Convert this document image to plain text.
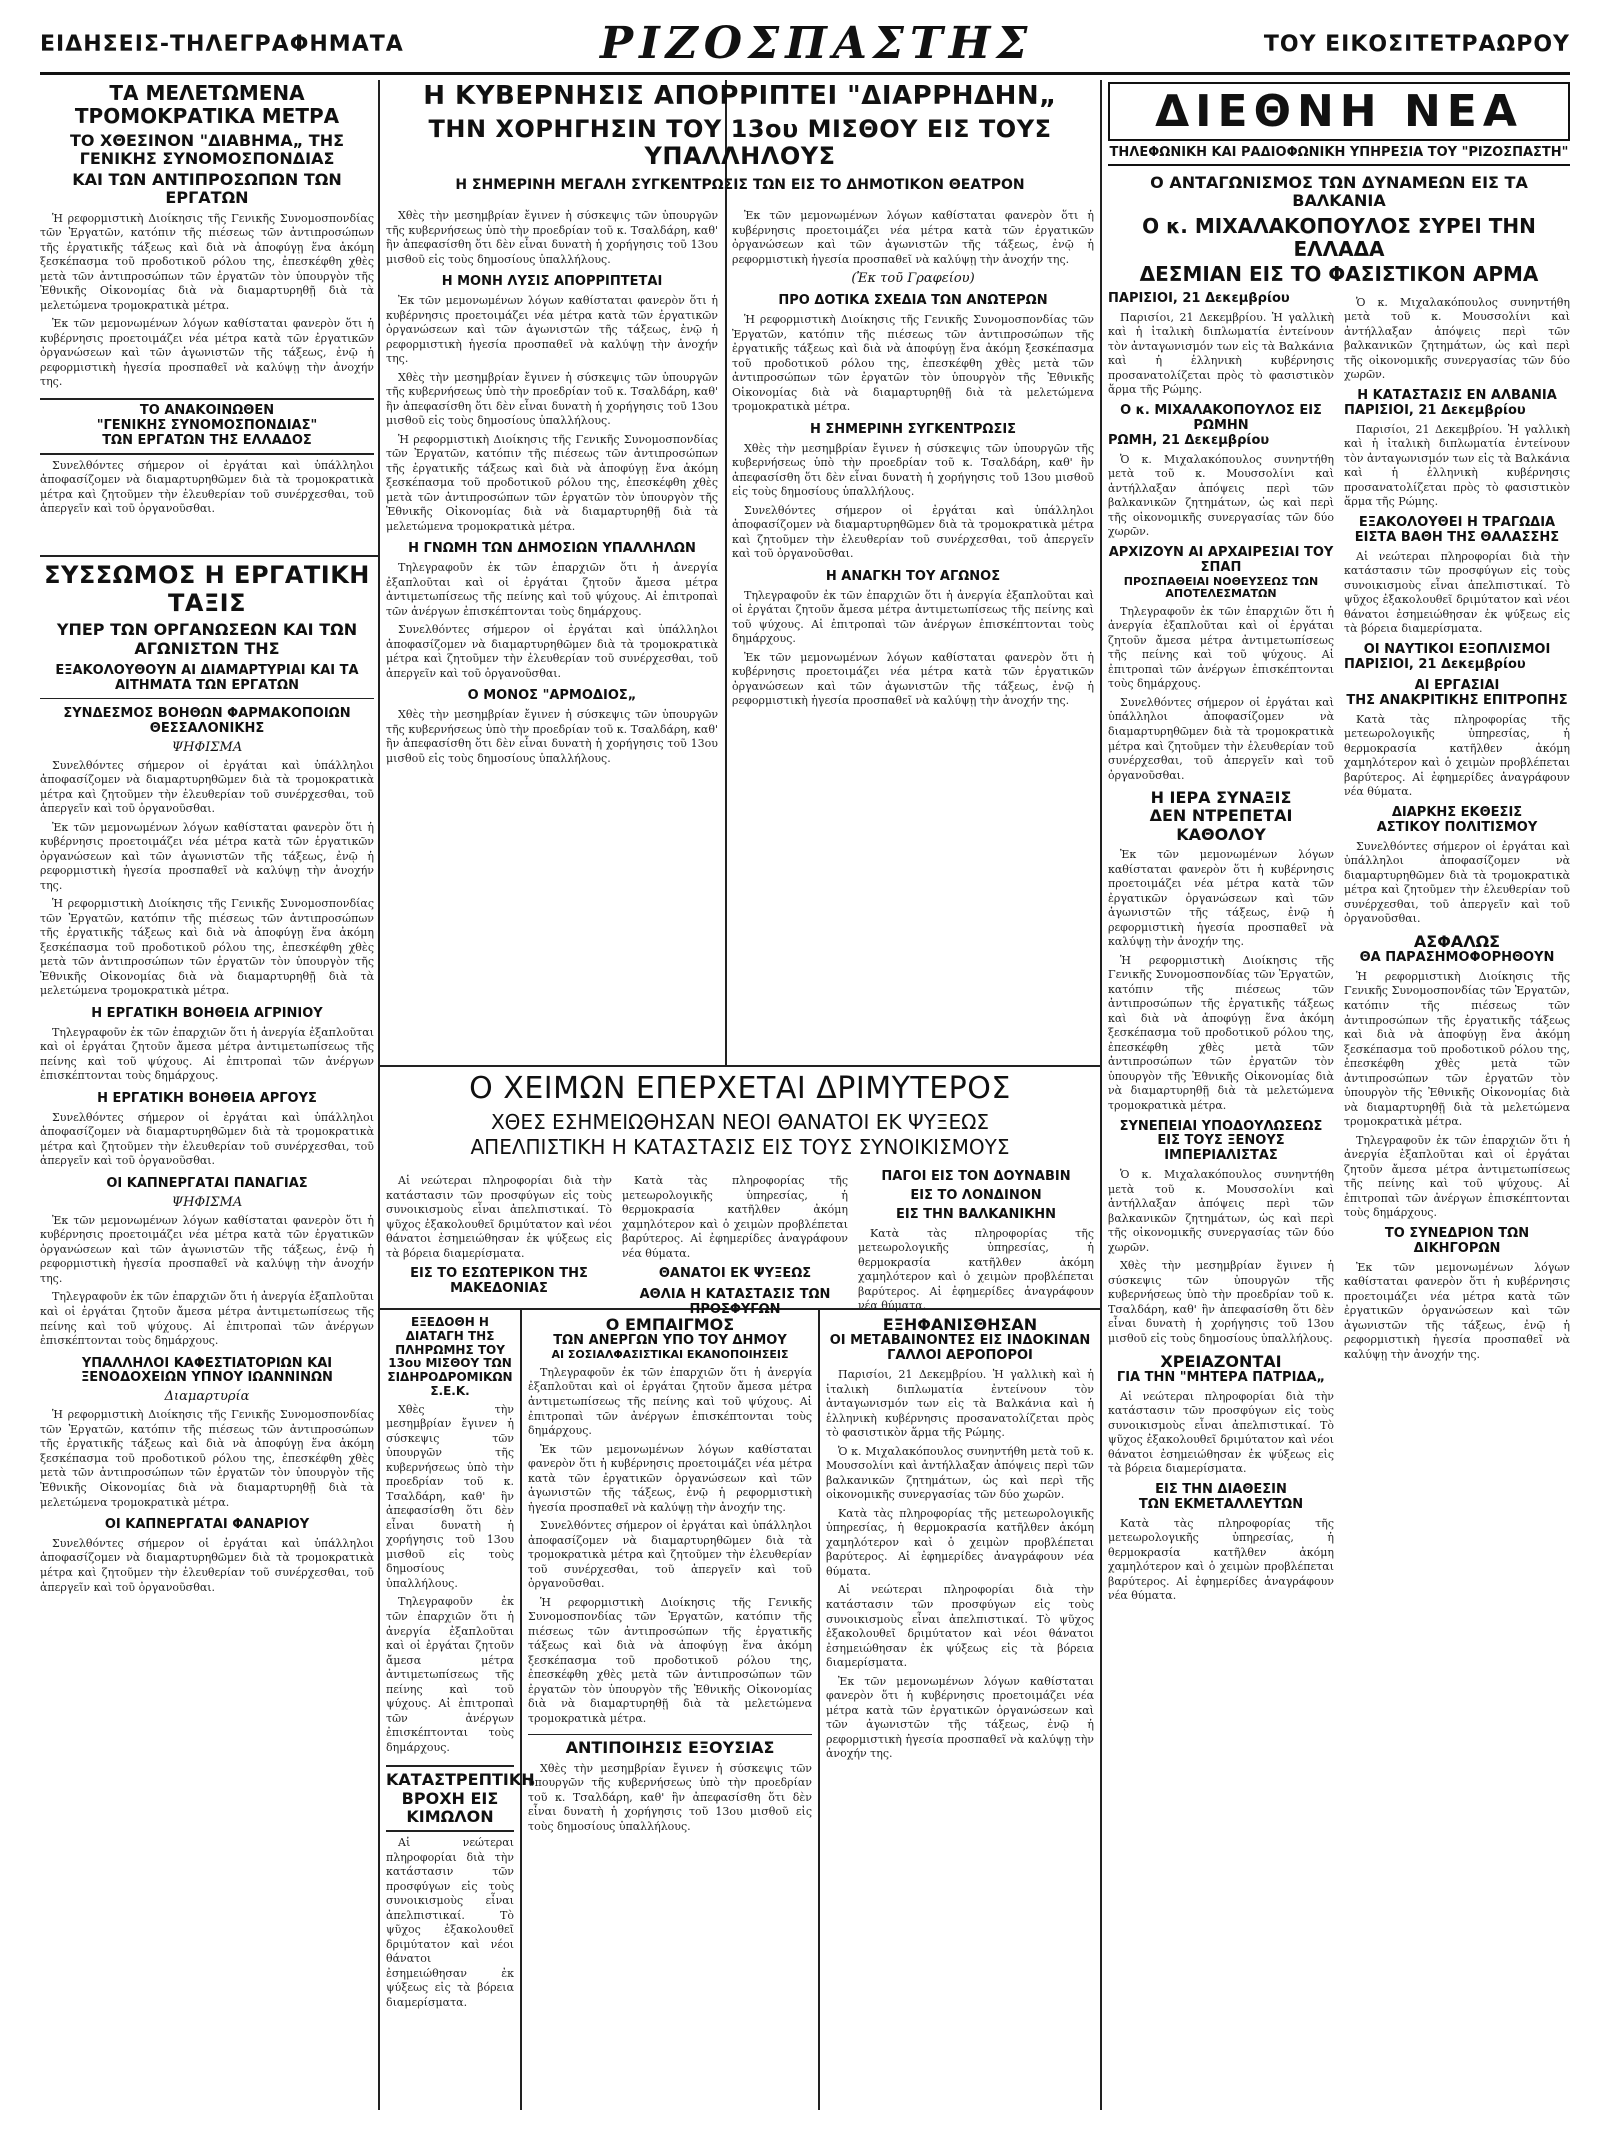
ΕΙΔΗΣΕΙΣ-ΤΗΛΕΓΡΑΦΗΜΑΤΑ	ΡΙΖΟΣΠΑΣΤΗΣ	ΤΟΥ ΕΙΚΟΣΙΤΕΤΡΑΩΡΟΥ

ΤΑ ΜΕΛΕΤΩΜΕΝΑ ΤΡΟΜΟΚΡΑΤΙΚΑ ΜΕΤΡΑ

ΤΟ ΧΘΕΣΙΝΟΝ "ΔΙΑΒΗΜΑ„ ΤΗΣ ΓΕΝΙΚΗΣ ΣΥΝΟΜΟΣΠΟΝΔΙΑΣ

ΚΑΙ ΤΩΝ ΑΝΤΙΠΡΟΣΩΠΩΝ ΤΩΝ ΕΡΓΑΤΩΝ

Ἡ ρεφορμιστικὴ Διοίκησις τῆς Γενικῆς Συνομοσπονδίας τῶν Ἐργατῶν, κατόπιν τῆς πιέσεως τῶν ἀντιπροσώπων τῆς ἐργατικῆς τάξεως καὶ διὰ νὰ ἀποφύγῃ ἕνα ἀκόμη ξεσκέπασμα τοῦ προδοτικοῦ ρόλου της, ἐπεσκέφθη χθὲς μετὰ τῶν ἀντιπροσώπων τῶν ἐργατῶν τὸν ὑπουργὸν τῆς Ἐθνικῆς Οἰκονομίας διὰ νὰ διαμαρτυρηθῇ διὰ τὰ μελετώμενα τρομοκρατικὰ μέτρα.

Ἐκ τῶν μεμονωμένων λόγων καθίσταται φανερὸν ὅτι ἡ κυβέρνησις προετοιμάζει νέα μέτρα κατὰ τῶν ἐργατικῶν ὀργανώσεων καὶ τῶν ἀγωνιστῶν τῆς τάξεως, ἐνῷ ἡ ρεφορμιστικὴ ἡγεσία προσπαθεῖ νὰ καλύψῃ τὴν ἀνοχήν της.

ΤΟ ΑΝΑΚΟΙΝΩΘΕΝ

"ΓΕΝΙΚΗΣ ΣΥΝΟΜΟΣΠΟΝΔΙΑΣ"

ΤΩΝ ΕΡΓΑΤΩΝ ΤΗΣ ΕΛΛΑΔΟΣ

Συνελθόντες σήμερον οἱ ἐργάται καὶ ὑπάλληλοι ἀποφασίζομεν νὰ διαμαρτυρηθῶμεν διὰ τὰ τρομοκρατικὰ μέτρα καὶ ζητοῦμεν τὴν ἐλευθερίαν τοῦ συνέρχεσθαι, τοῦ ἀπεργεῖν καὶ τοῦ ὀργανοῦσθαι.

ΣΥΣΣΩΜΟΣ Η ΕΡΓΑΤΙΚΗ ΤΑΞΙΣ

ΥΠΕΡ ΤΩΝ ΟΡΓΑΝΩΣΕΩΝ ΚΑΙ ΤΩΝ ΑΓΩΝΙΣΤΩΝ ΤΗΣ

ΕΞΑΚΟΛΟΥΘΟΥΝ ΑΙ ΔΙΑΜΑΡΤΥΡΙΑΙ ΚΑΙ ΤΑ ΑΙΤΗΜΑΤΑ ΤΩΝ ΕΡΓΑΤΩΝ

ΣΥΝΔΕΣΜΟΣ ΒΟΗΘΩΝ ΦΑΡΜΑΚΟΠΟΙΩΝ ΘΕΣΣΑΛΟΝΙΚΗΣ

ΨΗΦΙΣΜΑ

Συνελθόντες σήμερον οἱ ἐργάται καὶ ὑπάλληλοι ἀποφασίζομεν νὰ διαμαρτυρηθῶμεν διὰ τὰ τρομοκρατικὰ μέτρα καὶ ζητοῦμεν τὴν ἐλευθερίαν τοῦ συνέρχεσθαι, τοῦ ἀπεργεῖν καὶ τοῦ ὀργανοῦσθαι.

Ἐκ τῶν μεμονωμένων λόγων καθίσταται φανερὸν ὅτι ἡ κυβέρνησις προετοιμάζει νέα μέτρα κατὰ τῶν ἐργατικῶν ὀργανώσεων καὶ τῶν ἀγωνιστῶν τῆς τάξεως, ἐνῷ ἡ ρεφορμιστικὴ ἡγεσία προσπαθεῖ νὰ καλύψῃ τὴν ἀνοχήν της.

Ἡ ρεφορμιστικὴ Διοίκησις τῆς Γενικῆς Συνομοσπονδίας τῶν Ἐργατῶν, κατόπιν τῆς πιέσεως τῶν ἀντιπροσώπων τῆς ἐργατικῆς τάξεως καὶ διὰ νὰ ἀποφύγῃ ἕνα ἀκόμη ξεσκέπασμα τοῦ προδοτικοῦ ρόλου της, ἐπεσκέφθη χθὲς μετὰ τῶν ἀντιπροσώπων τῶν ἐργατῶν τὸν ὑπουργὸν τῆς Ἐθνικῆς Οἰκονομίας διὰ νὰ διαμαρτυρηθῇ διὰ τὰ μελετώμενα τρομοκρατικὰ μέτρα.

Η ΕΡΓΑΤΙΚΗ ΒΟΗΘΕΙΑ ΑΓΡΙΝΙΟΥ

Τηλεγραφοῦν ἐκ τῶν ἐπαρχιῶν ὅτι ἡ ἀνεργία ἐξαπλοῦται καὶ οἱ ἐργάται ζητοῦν ἄμεσα μέτρα ἀντιμετωπίσεως τῆς πείνης καὶ τοῦ ψύχους. Αἱ ἐπιτροπαὶ τῶν ἀνέργων ἐπισκέπτονται τοὺς δημάρχους.

Η ΕΡΓΑΤΙΚΗ ΒΟΗΘΕΙΑ ΑΡΓΟΥΣ

Συνελθόντες σήμερον οἱ ἐργάται καὶ ὑπάλληλοι ἀποφασίζομεν νὰ διαμαρτυρηθῶμεν διὰ τὰ τρομοκρατικὰ μέτρα καὶ ζητοῦμεν τὴν ἐλευθερίαν τοῦ συνέρχεσθαι, τοῦ ἀπεργεῖν καὶ τοῦ ὀργανοῦσθαι.

ΟΙ ΚΑΠΝΕΡΓΑΤΑΙ ΠΑΝΑΓΙΑΣ

ΨΗΦΙΣΜΑ

Ἐκ τῶν μεμονωμένων λόγων καθίσταται φανερὸν ὅτι ἡ κυβέρνησις προετοιμάζει νέα μέτρα κατὰ τῶν ἐργατικῶν ὀργανώσεων καὶ τῶν ἀγωνιστῶν τῆς τάξεως, ἐνῷ ἡ ρεφορμιστικὴ ἡγεσία προσπαθεῖ νὰ καλύψῃ τὴν ἀνοχήν της.

Τηλεγραφοῦν ἐκ τῶν ἐπαρχιῶν ὅτι ἡ ἀνεργία ἐξαπλοῦται καὶ οἱ ἐργάται ζητοῦν ἄμεσα μέτρα ἀντιμετωπίσεως τῆς πείνης καὶ τοῦ ψύχους. Αἱ ἐπιτροπαὶ τῶν ἀνέργων ἐπισκέπτονται τοὺς δημάρχους.

ΥΠΑΛΛΗΛΟΙ ΚΑΦΕΣΤΙΑΤΟΡΙΩΝ ΚΑΙ ΞΕΝΟΔΟΧΕΙΩΝ ΥΠΝΟΥ ΙΩΑΝΝΙΝΩΝ

Διαμαρτυρία

Ἡ ρεφορμιστικὴ Διοίκησις τῆς Γενικῆς Συνομοσπονδίας τῶν Ἐργατῶν, κατόπιν τῆς πιέσεως τῶν ἀντιπροσώπων τῆς ἐργατικῆς τάξεως καὶ διὰ νὰ ἀποφύγῃ ἕνα ἀκόμη ξεσκέπασμα τοῦ προδοτικοῦ ρόλου της, ἐπεσκέφθη χθὲς μετὰ τῶν ἀντιπροσώπων τῶν ἐργατῶν τὸν ὑπουργὸν τῆς Ἐθνικῆς Οἰκονομίας διὰ νὰ διαμαρτυρηθῇ διὰ τὰ μελετώμενα τρομοκρατικὰ μέτρα.

ΟΙ ΚΑΠΝΕΡΓΑΤΑΙ ΦΑΝΑΡΙΟΥ

Συνελθόντες σήμερον οἱ ἐργάται καὶ ὑπάλληλοι ἀποφασίζομεν νὰ διαμαρτυρηθῶμεν διὰ τὰ τρομοκρατικὰ μέτρα καὶ ζητοῦμεν τὴν ἐλευθερίαν τοῦ συνέρχεσθαι, τοῦ ἀπεργεῖν καὶ τοῦ ὀργανοῦσθαι.

Η ΚΥΒΕΡΝΗΣΙΣ ΑΠΟΡΡΙΠΤΕΙ "ΔΙΑΡΡΗΔΗΝ„

ΤΗΝ ΧΟΡΗΓΗΣΙΝ ΤΟΥ 13ου ΜΙΣΘΟΥ ΕΙΣ ΤΟΥΣ ΥΠΑΛΛΗΛΟΥΣ

Η ΣΗΜΕΡΙΝΗ ΜΕΓΑΛΗ ΣΥΓΚΕΝΤΡΩΣΙΣ ΤΩΝ ΕΙΣ ΤΟ ΔΗΜΟΤΙΚΟΝ ΘΕΑΤΡΟΝ

Χθὲς τὴν μεσημβρίαν ἔγινεν ἡ σύσκεψις τῶν ὑπουργῶν τῆς κυβερνήσεως ὑπὸ τὴν προεδρίαν τοῦ κ. Τσαλδάρη, καθ' ἣν ἀπεφασίσθη ὅτι δὲν εἶναι δυνατὴ ἡ χορήγησις τοῦ 13ου μισθοῦ εἰς τοὺς δημοσίους ὑπαλλήλους.

Η ΜΟΝΗ ΛΥΣΙΣ ΑΠΟΡΡΙΠΤΕΤΑΙ

Ἐκ τῶν μεμονωμένων λόγων καθίσταται φανερὸν ὅτι ἡ κυβέρνησις προετοιμάζει νέα μέτρα κατὰ τῶν ἐργατικῶν ὀργανώσεων καὶ τῶν ἀγωνιστῶν τῆς τάξεως, ἐνῷ ἡ ρεφορμιστικὴ ἡγεσία προσπαθεῖ νὰ καλύψῃ τὴν ἀνοχήν της.

Χθὲς τὴν μεσημβρίαν ἔγινεν ἡ σύσκεψις τῶν ὑπουργῶν τῆς κυβερνήσεως ὑπὸ τὴν προεδρίαν τοῦ κ. Τσαλδάρη, καθ' ἣν ἀπεφασίσθη ὅτι δὲν εἶναι δυνατὴ ἡ χορήγησις τοῦ 13ου μισθοῦ εἰς τοὺς δημοσίους ὑπαλλήλους.

Ἡ ρεφορμιστικὴ Διοίκησις τῆς Γενικῆς Συνομοσπονδίας τῶν Ἐργατῶν, κατόπιν τῆς πιέσεως τῶν ἀντιπροσώπων τῆς ἐργατικῆς τάξεως καὶ διὰ νὰ ἀποφύγῃ ἕνα ἀκόμη ξεσκέπασμα τοῦ προδοτικοῦ ρόλου της, ἐπεσκέφθη χθὲς μετὰ τῶν ἀντιπροσώπων τῶν ἐργατῶν τὸν ὑπουργὸν τῆς Ἐθνικῆς Οἰκονομίας διὰ νὰ διαμαρτυρηθῇ διὰ τὰ μελετώμενα τρομοκρατικὰ μέτρα.

Η ΓΝΩΜΗ ΤΩΝ ΔΗΜΟΣΙΩΝ ΥΠΑΛΛΗΛΩΝ

Τηλεγραφοῦν ἐκ τῶν ἐπαρχιῶν ὅτι ἡ ἀνεργία ἐξαπλοῦται καὶ οἱ ἐργάται ζητοῦν ἄμεσα μέτρα ἀντιμετωπίσεως τῆς πείνης καὶ τοῦ ψύχους. Αἱ ἐπιτροπαὶ τῶν ἀνέργων ἐπισκέπτονται τοὺς δημάρχους.

Συνελθόντες σήμερον οἱ ἐργάται καὶ ὑπάλληλοι ἀποφασίζομεν νὰ διαμαρτυρηθῶμεν διὰ τὰ τρομοκρατικὰ μέτρα καὶ ζητοῦμεν τὴν ἐλευθερίαν τοῦ συνέρχεσθαι, τοῦ ἀπεργεῖν καὶ τοῦ ὀργανοῦσθαι.

Ο ΜΟΝΟΣ "ΑΡΜΟΔΙΟΣ„

Χθὲς τὴν μεσημβρίαν ἔγινεν ἡ σύσκεψις τῶν ὑπουργῶν τῆς κυβερνήσεως ὑπὸ τὴν προεδρίαν τοῦ κ. Τσαλδάρη, καθ' ἣν ἀπεφασίσθη ὅτι δὲν εἶναι δυνατὴ ἡ χορήγησις τοῦ 13ου μισθοῦ εἰς τοὺς δημοσίους ὑπαλλήλους.

Ἐκ τῶν μεμονωμένων λόγων καθίσταται φανερὸν ὅτι ἡ κυβέρνησις προετοιμάζει νέα μέτρα κατὰ τῶν ἐργατικῶν ὀργανώσεων καὶ τῶν ἀγωνιστῶν τῆς τάξεως, ἐνῷ ἡ ρεφορμιστικὴ ἡγεσία προσπαθεῖ νὰ καλύψῃ τὴν ἀνοχήν της.

(Ἐκ τοῦ Γραφείου)

ΠΡΟ ΔΟΤΙΚΑ ΣΧΕΔΙΑ ΤΩΝ ΑΝΩΤΕΡΩΝ

Ἡ ρεφορμιστικὴ Διοίκησις τῆς Γενικῆς Συνομοσπονδίας τῶν Ἐργατῶν, κατόπιν τῆς πιέσεως τῶν ἀντιπροσώπων τῆς ἐργατικῆς τάξεως καὶ διὰ νὰ ἀποφύγῃ ἕνα ἀκόμη ξεσκέπασμα τοῦ προδοτικοῦ ρόλου της, ἐπεσκέφθη χθὲς μετὰ τῶν ἀντιπροσώπων τῶν ἐργατῶν τὸν ὑπουργὸν τῆς Ἐθνικῆς Οἰκονομίας διὰ νὰ διαμαρτυρηθῇ διὰ τὰ μελετώμενα τρομοκρατικὰ μέτρα.

Η ΣΗΜΕΡΙΝΗ ΣΥΓΚΕΝΤΡΩΣΙΣ

Χθὲς τὴν μεσημβρίαν ἔγινεν ἡ σύσκεψις τῶν ὑπουργῶν τῆς κυβερνήσεως ὑπὸ τὴν προεδρίαν τοῦ κ. Τσαλδάρη, καθ' ἣν ἀπεφασίσθη ὅτι δὲν εἶναι δυνατὴ ἡ χορήγησις τοῦ 13ου μισθοῦ εἰς τοὺς δημοσίους ὑπαλλήλους.

Συνελθόντες σήμερον οἱ ἐργάται καὶ ὑπάλληλοι ἀποφασίζομεν νὰ διαμαρτυρηθῶμεν διὰ τὰ τρομοκρατικὰ μέτρα καὶ ζητοῦμεν τὴν ἐλευθερίαν τοῦ συνέρχεσθαι, τοῦ ἀπεργεῖν καὶ τοῦ ὀργανοῦσθαι.

Η ΑΝΑΓΚΗ ΤΟΥ ΑΓΩΝΟΣ

Τηλεγραφοῦν ἐκ τῶν ἐπαρχιῶν ὅτι ἡ ἀνεργία ἐξαπλοῦται καὶ οἱ ἐργάται ζητοῦν ἄμεσα μέτρα ἀντιμετωπίσεως τῆς πείνης καὶ τοῦ ψύχους. Αἱ ἐπιτροπαὶ τῶν ἀνέργων ἐπισκέπτονται τοὺς δημάρχους.

Ἐκ τῶν μεμονωμένων λόγων καθίσταται φανερὸν ὅτι ἡ κυβέρνησις προετοιμάζει νέα μέτρα κατὰ τῶν ἐργατικῶν ὀργανώσεων καὶ τῶν ἀγωνιστῶν τῆς τάξεως, ἐνῷ ἡ ρεφορμιστικὴ ἡγεσία προσπαθεῖ νὰ καλύψῃ τὴν ἀνοχήν της.

Ο ΧΕΙΜΩΝ ΕΠΕΡΧΕΤΑΙ ΔΡΙΜΥΤΕΡΟΣ

ΧΘΕΣ ΕΣΗΜΕΙΩΘΗΣΑΝ ΝΕΟΙ ΘΑΝΑΤΟΙ ΕΚ ΨΥΞΕΩΣ

ΑΠΕΛΠΙΣΤΙΚΗ Η ΚΑΤΑΣΤΑΣΙΣ ΕΙΣ ΤΟΥΣ ΣΥΝΟΙΚΙΣΜΟΥΣ

Αἱ νεώτεραι πληροφορίαι διὰ τὴν κατάστασιν τῶν προσφύγων εἰς τοὺς συνοικισμοὺς εἶναι ἀπελπιστικαί. Τὸ ψῦχος ἐξακολουθεῖ δριμύτατον καὶ νέοι θάνατοι ἐσημειώθησαν ἐκ ψύξεως εἰς τὰ βόρεια διαμερίσματα.

ΕΙΣ ΤΟ ΕΣΩΤΕΡΙΚΟΝ ΤΗΣ ΜΑΚΕΔΟΝΙΑΣ

Κατὰ τὰς πληροφορίας τῆς μετεωρολογικῆς ὑπηρεσίας, ἡ θερμοκρασία κατῆλθεν ἀκόμη χαμηλότερον καὶ ὁ χειμὼν προβλέπεται βαρύτερος. Αἱ ἐφημερίδες ἀναγράφουν νέα θύματα.

ΘΑΝΑΤΟΙ ΕΚ ΨΥΞΕΩΣ

ΑΘΛΙΑ Η ΚΑΤΑΣΤΑΣΙΣ ΤΩΝ ΠΡΟΣΦΥΓΩΝ

ΠΑΓΟΙ ΕΙΣ ΤΟΝ ΔΟΥΝΑΒΙΝ

ΕΙΣ ΤΟ ΛΟΝΔΙΝΟΝ

ΕΙΣ ΤΗΝ ΒΑΛΚΑΝΙΚΗΝ

Κατὰ τὰς πληροφορίας τῆς μετεωρολογικῆς ὑπηρεσίας, ἡ θερμοκρασία κατῆλθεν ἀκόμη χαμηλότερον καὶ ὁ χειμὼν προβλέπεται βαρύτερος. Αἱ ἐφημερίδες ἀναγράφουν νέα θύματα.

ΕΞΕΔΟΘΗ Η ΔΙΑΤΑΓΗ ΤΗΣ ΠΛΗΡΩΜΗΣ ΤΟΥ 13ου ΜΙΣΘΟΥ ΤΩΝ ΣΙΔΗΡΟΔΡΟΜΙΚΩΝ Σ.Ε.Κ.

Χθὲς τὴν μεσημβρίαν ἔγινεν ἡ σύσκεψις τῶν ὑπουργῶν τῆς κυβερνήσεως ὑπὸ τὴν προεδρίαν τοῦ κ. Τσαλδάρη, καθ' ἣν ἀπεφασίσθη ὅτι δὲν εἶναι δυνατὴ ἡ χορήγησις τοῦ 13ου μισθοῦ εἰς τοὺς δημοσίους ὑπαλλήλους.

Τηλεγραφοῦν ἐκ τῶν ἐπαρχιῶν ὅτι ἡ ἀνεργία ἐξαπλοῦται καὶ οἱ ἐργάται ζητοῦν ἄμεσα μέτρα ἀντιμετωπίσεως τῆς πείνης καὶ τοῦ ψύχους. Αἱ ἐπιτροπαὶ τῶν ἀνέργων ἐπισκέπτονται τοὺς δημάρχους.

ΚΑΤΑΣΤΡΕΠΤΙΚΗ

ΒΡΟΧΗ ΕΙΣ ΚΙΜΩΛΟΝ

Αἱ νεώτεραι πληροφορίαι διὰ τὴν κατάστασιν τῶν προσφύγων εἰς τοὺς συνοικισμοὺς εἶναι ἀπελπιστικαί. Τὸ ψῦχος ἐξακολουθεῖ δριμύτατον καὶ νέοι θάνατοι ἐσημειώθησαν ἐκ ψύξεως εἰς τὰ βόρεια διαμερίσματα.

Ο ΕΜΠΑΙΓΜΟΣ

ΤΩΝ ΑΝΕΡΓΩΝ ΥΠΟ ΤΟΥ ΔΗΜΟΥ

ΑΙ ΣΟΣΙΑΛΦΑΣΙΣΤΙΚΑΙ ΕΚΑΝΟΠΟΙΗΣΕΙΣ

Τηλεγραφοῦν ἐκ τῶν ἐπαρχιῶν ὅτι ἡ ἀνεργία ἐξαπλοῦται καὶ οἱ ἐργάται ζητοῦν ἄμεσα μέτρα ἀντιμετωπίσεως τῆς πείνης καὶ τοῦ ψύχους. Αἱ ἐπιτροπαὶ τῶν ἀνέργων ἐπισκέπτονται τοὺς δημάρχους.

Ἐκ τῶν μεμονωμένων λόγων καθίσταται φανερὸν ὅτι ἡ κυβέρνησις προετοιμάζει νέα μέτρα κατὰ τῶν ἐργατικῶν ὀργανώσεων καὶ τῶν ἀγωνιστῶν τῆς τάξεως, ἐνῷ ἡ ρεφορμιστικὴ ἡγεσία προσπαθεῖ νὰ καλύψῃ τὴν ἀνοχήν της.

Συνελθόντες σήμερον οἱ ἐργάται καὶ ὑπάλληλοι ἀποφασίζομεν νὰ διαμαρτυρηθῶμεν διὰ τὰ τρομοκρατικὰ μέτρα καὶ ζητοῦμεν τὴν ἐλευθερίαν τοῦ συνέρχεσθαι, τοῦ ἀπεργεῖν καὶ τοῦ ὀργανοῦσθαι.

Ἡ ρεφορμιστικὴ Διοίκησις τῆς Γενικῆς Συνομοσπονδίας τῶν Ἐργατῶν, κατόπιν τῆς πιέσεως τῶν ἀντιπροσώπων τῆς ἐργατικῆς τάξεως καὶ διὰ νὰ ἀποφύγῃ ἕνα ἀκόμη ξεσκέπασμα τοῦ προδοτικοῦ ρόλου της, ἐπεσκέφθη χθὲς μετὰ τῶν ἀντιπροσώπων τῶν ἐργατῶν τὸν ὑπουργὸν τῆς Ἐθνικῆς Οἰκονομίας διὰ νὰ διαμαρτυρηθῇ διὰ τὰ μελετώμενα τρομοκρατικὰ μέτρα.

ΑΝΤΙΠΟΙΗΣΙΣ ΕΞΟΥΣΙΑΣ

Χθὲς τὴν μεσημβρίαν ἔγινεν ἡ σύσκεψις τῶν ὑπουργῶν τῆς κυβερνήσεως ὑπὸ τὴν προεδρίαν τοῦ κ. Τσαλδάρη, καθ' ἣν ἀπεφασίσθη ὅτι δὲν εἶναι δυνατὴ ἡ χορήγησις τοῦ 13ου μισθοῦ εἰς τοὺς δημοσίους ὑπαλλήλους.

ΕΞΗΦΑΝΙΣΘΗΣΑΝ

ΟΙ ΜΕΤΑΒΑΙΝΟΝΤΕΣ ΕΙΣ ΙΝΔΟΚΙΝΑΝ ΓΑΛΛΟΙ ΑΕΡΟΠΟΡΟΙ

Παρισίοι, 21 Δεκεμβρίου. Ἡ γαλλικὴ καὶ ἡ ἰταλικὴ διπλωματία ἐντείνουν τὸν ἀνταγωνισμόν των εἰς τὰ Βαλκάνια καὶ ἡ ἑλληνικὴ κυβέρνησις προσανατολίζεται πρὸς τὸ φασιστικὸν ἅρμα τῆς Ρώμης.

Ὁ κ. Μιχαλακόπουλος συνηντήθη μετὰ τοῦ κ. Μουσσολίνι καὶ ἀντήλλαξαν ἀπόψεις περὶ τῶν βαλκανικῶν ζητημάτων, ὡς καὶ περὶ τῆς οἰκονομικῆς συνεργασίας τῶν δύο χωρῶν.

Κατὰ τὰς πληροφορίας τῆς μετεωρολογικῆς ὑπηρεσίας, ἡ θερμοκρασία κατῆλθεν ἀκόμη χαμηλότερον καὶ ὁ χειμὼν προβλέπεται βαρύτερος. Αἱ ἐφημερίδες ἀναγράφουν νέα θύματα.

Αἱ νεώτεραι πληροφορίαι διὰ τὴν κατάστασιν τῶν προσφύγων εἰς τοὺς συνοικισμοὺς εἶναι ἀπελπιστικαί. Τὸ ψῦχος ἐξακολουθεῖ δριμύτατον καὶ νέοι θάνατοι ἐσημειώθησαν ἐκ ψύξεως εἰς τὰ βόρεια διαμερίσματα.

Ἐκ τῶν μεμονωμένων λόγων καθίσταται φανερὸν ὅτι ἡ κυβέρνησις προετοιμάζει νέα μέτρα κατὰ τῶν ἐργατικῶν ὀργανώσεων καὶ τῶν ἀγωνιστῶν τῆς τάξεως, ἐνῷ ἡ ρεφορμιστικὴ ἡγεσία προσπαθεῖ νὰ καλύψῃ τὴν ἀνοχήν της.

ΔΙΕΘΝΗ ΝΕΑ

ΤΗΛΕΦΩΝΙΚΗ ΚΑΙ ΡΑΔΙΟΦΩΝΙΚΗ ΥΠΗΡΕΣΙΑ ΤΟΥ "ΡΙΖΟΣΠΑΣΤΗ"

Ο ΑΝΤΑΓΩΝΙΣΜΟΣ ΤΩΝ ΔΥΝΑΜΕΩΝ ΕΙΣ ΤΑ ΒΑΛΚΑΝΙΑ

Ο κ. ΜΙΧΑΛΑΚΟΠΟΥΛΟΣ ΣΥΡΕΙ ΤΗΝ ΕΛΛΑΔΑ

ΔΕΣΜΙΑΝ ΕΙΣ ΤΟ ΦΑΣΙΣΤΙΚΟΝ ΑΡΜΑ

ΠΑΡΙΣΙΟΙ, 21 Δεκεμβρίου

Παρισίοι, 21 Δεκεμβρίου. Ἡ γαλλικὴ καὶ ἡ ἰταλικὴ διπλωματία ἐντείνουν τὸν ἀνταγωνισμόν των εἰς τὰ Βαλκάνια καὶ ἡ ἑλληνικὴ κυβέρνησις προσανατολίζεται πρὸς τὸ φασιστικὸν ἅρμα τῆς Ρώμης.

Ο κ. ΜΙΧΑΛΑΚΟΠΟΥΛΟΣ ΕΙΣ ΡΩΜΗΝ

ΡΩΜΗ, 21 Δεκεμβρίου

Ὁ κ. Μιχαλακόπουλος συνηντήθη μετὰ τοῦ κ. Μουσσολίνι καὶ ἀντήλλαξαν ἀπόψεις περὶ τῶν βαλκανικῶν ζητημάτων, ὡς καὶ περὶ τῆς οἰκονομικῆς συνεργασίας τῶν δύο χωρῶν.

ΑΡΧΙΖΟΥΝ ΑΙ ΑΡΧΑΙΡΕΣΙΑΙ ΤΟΥ ΣΠΑΠ

ΠΡΟΣΠΑΘΕΙΑΙ ΝΟΘΕΥΣΕΩΣ ΤΩΝ ΑΠΟΤΕΛΕΣΜΑΤΩΝ

Τηλεγραφοῦν ἐκ τῶν ἐπαρχιῶν ὅτι ἡ ἀνεργία ἐξαπλοῦται καὶ οἱ ἐργάται ζητοῦν ἄμεσα μέτρα ἀντιμετωπίσεως τῆς πείνης καὶ τοῦ ψύχους. Αἱ ἐπιτροπαὶ τῶν ἀνέργων ἐπισκέπτονται τοὺς δημάρχους.

Συνελθόντες σήμερον οἱ ἐργάται καὶ ὑπάλληλοι ἀποφασίζομεν νὰ διαμαρτυρηθῶμεν διὰ τὰ τρομοκρατικὰ μέτρα καὶ ζητοῦμεν τὴν ἐλευθερίαν τοῦ συνέρχεσθαι, τοῦ ἀπεργεῖν καὶ τοῦ ὀργανοῦσθαι.

Η ΙΕΡΑ ΣΥΝΑΞΙΣ

ΔΕΝ ΝΤΡΕΠΕΤΑΙ ΚΑΘΟΛΟΥ

Ἐκ τῶν μεμονωμένων λόγων καθίσταται φανερὸν ὅτι ἡ κυβέρνησις προετοιμάζει νέα μέτρα κατὰ τῶν ἐργατικῶν ὀργανώσεων καὶ τῶν ἀγωνιστῶν τῆς τάξεως, ἐνῷ ἡ ρεφορμιστικὴ ἡγεσία προσπαθεῖ νὰ καλύψῃ τὴν ἀνοχήν της.

Ἡ ρεφορμιστικὴ Διοίκησις τῆς Γενικῆς Συνομοσπονδίας τῶν Ἐργατῶν, κατόπιν τῆς πιέσεως τῶν ἀντιπροσώπων τῆς ἐργατικῆς τάξεως καὶ διὰ νὰ ἀποφύγῃ ἕνα ἀκόμη ξεσκέπασμα τοῦ προδοτικοῦ ρόλου της, ἐπεσκέφθη χθὲς μετὰ τῶν ἀντιπροσώπων τῶν ἐργατῶν τὸν ὑπουργὸν τῆς Ἐθνικῆς Οἰκονομίας διὰ νὰ διαμαρτυρηθῇ διὰ τὰ μελετώμενα τρομοκρατικὰ μέτρα.

ΣΥΝΕΠΕΙΑΙ ΥΠΟΔΟΥΛΩΣΕΩΣ

ΕΙΣ ΤΟΥΣ ΞΕΝΟΥΣ ΙΜΠΕΡΙΑΛΙΣΤΑΣ

Ὁ κ. Μιχαλακόπουλος συνηντήθη μετὰ τοῦ κ. Μουσσολίνι καὶ ἀντήλλαξαν ἀπόψεις περὶ τῶν βαλκανικῶν ζητημάτων, ὡς καὶ περὶ τῆς οἰκονομικῆς συνεργασίας τῶν δύο χωρῶν.

Χθὲς τὴν μεσημβρίαν ἔγινεν ἡ σύσκεψις τῶν ὑπουργῶν τῆς κυβερνήσεως ὑπὸ τὴν προεδρίαν τοῦ κ. Τσαλδάρη, καθ' ἣν ἀπεφασίσθη ὅτι δὲν εἶναι δυνατὴ ἡ χορήγησις τοῦ 13ου μισθοῦ εἰς τοὺς δημοσίους ὑπαλλήλους.

ΧΡΕΙΑΖΟΝΤΑΙ

ΓΙΑ ΤΗΝ "ΜΗΤΕΡΑ ΠΑΤΡΙΔΑ„

Αἱ νεώτεραι πληροφορίαι διὰ τὴν κατάστασιν τῶν προσφύγων εἰς τοὺς συνοικισμοὺς εἶναι ἀπελπιστικαί. Τὸ ψῦχος ἐξακολουθεῖ δριμύτατον καὶ νέοι θάνατοι ἐσημειώθησαν ἐκ ψύξεως εἰς τὰ βόρεια διαμερίσματα.

ΕΙΣ ΤΗΝ ΔΙΑΘΕΣΙΝ

ΤΩΝ ΕΚΜΕΤΑΛΛΕΥΤΩΝ

Κατὰ τὰς πληροφορίας τῆς μετεωρολογικῆς ὑπηρεσίας, ἡ θερμοκρασία κατῆλθεν ἀκόμη χαμηλότερον καὶ ὁ χειμὼν προβλέπεται βαρύτερος. Αἱ ἐφημερίδες ἀναγράφουν νέα θύματα.

Ὁ κ. Μιχαλακόπουλος συνηντήθη μετὰ τοῦ κ. Μουσσολίνι καὶ ἀντήλλαξαν ἀπόψεις περὶ τῶν βαλκανικῶν ζητημάτων, ὡς καὶ περὶ τῆς οἰκονομικῆς συνεργασίας τῶν δύο χωρῶν.

Η ΚΑΤΑΣΤΑΣΙΣ ΕΝ ΑΛΒΑΝΙΑ

ΠΑΡΙΣΙΟΙ, 21 Δεκεμβρίου

Παρισίοι, 21 Δεκεμβρίου. Ἡ γαλλικὴ καὶ ἡ ἰταλικὴ διπλωματία ἐντείνουν τὸν ἀνταγωνισμόν των εἰς τὰ Βαλκάνια καὶ ἡ ἑλληνικὴ κυβέρνησις προσανατολίζεται πρὸς τὸ φασιστικὸν ἅρμα τῆς Ρώμης.

ΕΞΑΚΟΛΟΥΘΕΙ Η ΤΡΑΓΩΔΙΑ

ΕΙΣΤΑ ΒΑΘΗ ΤΗΣ ΘΑΛΑΣΣΗΣ

Αἱ νεώτεραι πληροφορίαι διὰ τὴν κατάστασιν τῶν προσφύγων εἰς τοὺς συνοικισμοὺς εἶναι ἀπελπιστικαί. Τὸ ψῦχος ἐξακολουθεῖ δριμύτατον καὶ νέοι θάνατοι ἐσημειώθησαν ἐκ ψύξεως εἰς τὰ βόρεια διαμερίσματα.

ΟΙ ΝΑΥΤΙΚΟΙ ΕΞΟΠΛΙΣΜΟΙ

ΠΑΡΙΣΙΟΙ, 21 Δεκεμβρίου

ΑΙ ΕΡΓΑΣΙΑΙ

ΤΗΣ ΑΝΑΚΡΙΤΙΚΗΣ ΕΠΙΤΡΟΠΗΣ

Κατὰ τὰς πληροφορίας τῆς μετεωρολογικῆς ὑπηρεσίας, ἡ θερμοκρασία κατῆλθεν ἀκόμη χαμηλότερον καὶ ὁ χειμὼν προβλέπεται βαρύτερος. Αἱ ἐφημερίδες ἀναγράφουν νέα θύματα.

ΔΙΑΡΚΗΣ ΕΚΘΕΣΙΣ

ΑΣΤΙΚΟΥ ΠΟΛΙΤΙΣΜΟΥ

Συνελθόντες σήμερον οἱ ἐργάται καὶ ὑπάλληλοι ἀποφασίζομεν νὰ διαμαρτυρηθῶμεν διὰ τὰ τρομοκρατικὰ μέτρα καὶ ζητοῦμεν τὴν ἐλευθερίαν τοῦ συνέρχεσθαι, τοῦ ἀπεργεῖν καὶ τοῦ ὀργανοῦσθαι.

ΑΣΦΑΛΩΣ

ΘΑ ΠΑΡΑΣΗΜΟΦΟΡΗΘΟΥΝ

Ἡ ρεφορμιστικὴ Διοίκησις τῆς Γενικῆς Συνομοσπονδίας τῶν Ἐργατῶν, κατόπιν τῆς πιέσεως τῶν ἀντιπροσώπων τῆς ἐργατικῆς τάξεως καὶ διὰ νὰ ἀποφύγῃ ἕνα ἀκόμη ξεσκέπασμα τοῦ προδοτικοῦ ρόλου της, ἐπεσκέφθη χθὲς μετὰ τῶν ἀντιπροσώπων τῶν ἐργατῶν τὸν ὑπουργὸν τῆς Ἐθνικῆς Οἰκονομίας διὰ νὰ διαμαρτυρηθῇ διὰ τὰ μελετώμενα τρομοκρατικὰ μέτρα.

Τηλεγραφοῦν ἐκ τῶν ἐπαρχιῶν ὅτι ἡ ἀνεργία ἐξαπλοῦται καὶ οἱ ἐργάται ζητοῦν ἄμεσα μέτρα ἀντιμετωπίσεως τῆς πείνης καὶ τοῦ ψύχους. Αἱ ἐπιτροπαὶ τῶν ἀνέργων ἐπισκέπτονται τοὺς δημάρχους.

ΤΟ ΣΥΝΕΔΡΙΟΝ ΤΩΝ ΔΙΚΗΓΟΡΩΝ

Ἐκ τῶν μεμονωμένων λόγων καθίσταται φανερὸν ὅτι ἡ κυβέρνησις προετοιμάζει νέα μέτρα κατὰ τῶν ἐργατικῶν ὀργανώσεων καὶ τῶν ἀγωνιστῶν τῆς τάξεως, ἐνῷ ἡ ρεφορμιστικὴ ἡγεσία προσπαθεῖ νὰ καλύψῃ τὴν ἀνοχήν της.
